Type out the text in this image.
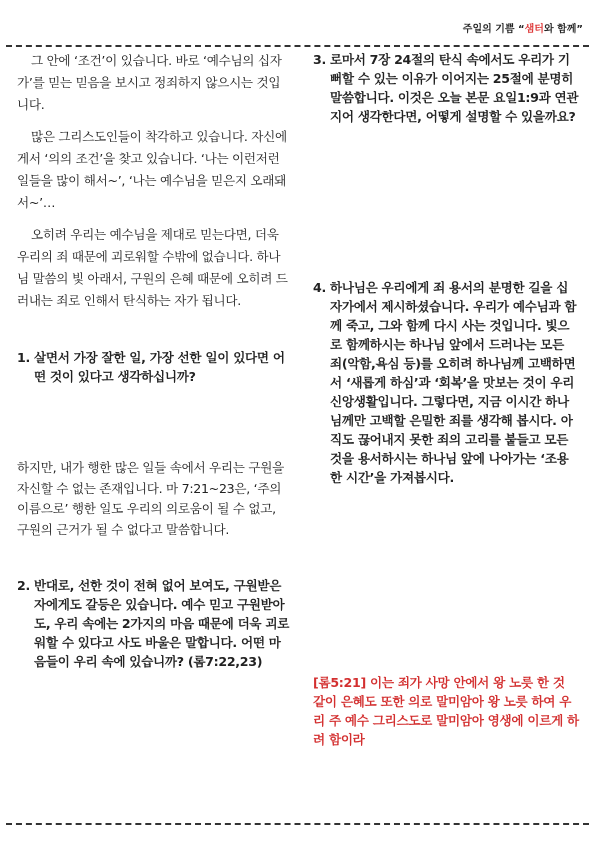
주일의 기쁨 “샘터와 함께”

그 안에 ‘조건’이 있습니다. 바로 ‘예수님의 십자가’를 믿는 믿음을 보시고 정죄하지 않으시는 것입니다.

많은 그리스도인들이 착각하고 있습니다. 자신에게서 ‘의의 조건’을 찾고 있습니다. ‘나는 이런저런 일들을 많이 해서~’, ‘나는 예수님을 믿은지 오래돼서~’…

오히려 우리는 예수님을 제대로 믿는다면, 더욱 우리의 죄 때문에 괴로워할 수밖에 없습니다. 하나님 말씀의 빛 아래서, 구원의 은혜 때문에 오히려 드러내는 죄로 인해서 탄식하는 자가 됩니다.

1. 살면서 가장 잘한 일, 가장 선한 일이 있다면 어떤 것이 있다고 생각하십니까?

하지만, 내가 행한 많은 일들 속에서 우리는 구원을 자신할 수 없는 존재입니다. 마 7:21~23은, ‘주의 이름으로’ 행한 일도 우리의 의로움이 될 수 없고, 구원의 근거가 될 수 없다고 말씀합니다.

2. 반대로, 선한 것이 전혀 없어 보여도, 구원받은 자에게도 갈등은 있습니다. 예수 믿고 구원받아도, 우리 속에는 2가지의 마음 때문에 더욱 괴로워할 수 있다고 사도 바울은 말합니다. 어떤 마음들이 우리 속에 있습니까? (롬7:22,23)
3. 로마서 7장 24절의 탄식 속에서도 우리가 기뻐할 수 있는 이유가 이어지는 25절에 분명히 말씀합니다. 이것은 오늘 본문 요일1:9과 연관지어 생각한다면, 어떻게 설명할 수 있을까요?
4. 하나님은 우리에게 죄 용서의 분명한 길을 십자가에서 제시하셨습니다. 우리가 예수님과 함께 죽고, 그와 함께 다시 사는 것입니다. 빛으로 함께하시는 하나님 앞에서 드러나는 모든 죄(악함,욕심 등)를 오히려 하나님께 고백하면서 ‘새롭게 하심’과 ‘회복’을 맛보는 것이 우리 신앙생활입니다. 그렇다면, 지금 이시간 하나님께만 고백할 은밀한 죄를 생각해 봅시다. 아직도 끊어내지 못한 죄의 고리를 붙들고 모든 것을 용서하시는 하나님 앞에 나아가는 ‘조용한 시간’을 가져봅시다.
[롬5:21] 이는 죄가 사망 안에서 왕 노릇 한 것 같이 은혜도 또한 의로 말미암아 왕 노릇 하여 우리 주 예수 그리스도로 말미암아 영생에 이르게 하려 함이라
